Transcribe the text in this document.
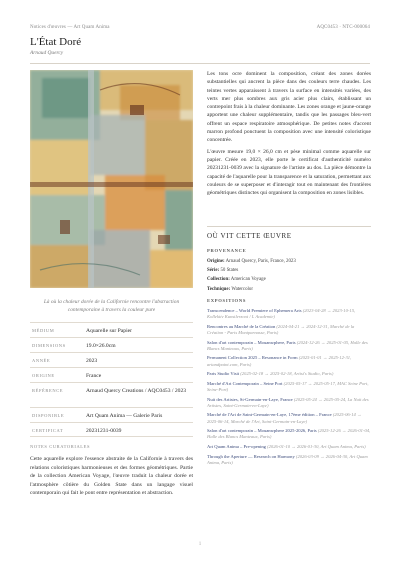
Notices d'œuvres — Art Quam Anima	AQC0453 · NTC-000064
L'État Doré
Arnaud Quercy
Là où la chaleur dorée de la Californie rencontre l'abstraction contemporaine à travers la couleur pure
MÉDIUM	Aquarelle sur Papier
DIMENSIONS	19.0×26.0cm
ANNÉE	2023
ORIGINE	France
RÉFÉRENCE	Arnaud Quercy Creations / AQC0453 / 2023
DISPONIBLE	Art Quam Anima — Galerie Paris
CERTIFICAT	20231231-0039
NOTES CURATORIALES
Cette aquarelle explore l'essence abstraite de la Californie à travers des relations coloristiques harmonieuses et des formes géométriques. Partie de la collection American Voyage, l'œuvre traduit la chaleur dorée et l'atmosphère côtière du Golden State dans un langage visuel contemporain qui fait le pont entre représentation et abstraction.

Les tons ocre dominent la composition, créant des zones dorées substantielles qui ancrent la pièce dans des couleurs terre chaudes. Les teintes vertes apparaissent à travers la surface en intensités variées, des verts mer plus sombres aux gris acier plus clairs, établissant un contrepoint frais à la chaleur dominante. Les zones orange et jaune-orange apportent une chaleur supplémentaire, tandis que les passages bleu-vert offrent un espace respiratoire atmosphérique. De petites notes d'accent marron profond ponctuent la composition avec une intensité coloristique concentrée.

L'œuvre mesure 19,0 × 26,0 cm et pèse minimal comme aquarelle sur papier. Créée en 2023, elle porte le certificat d'authenticité numéro 20231231-0039 avec la signature de l'artiste au dos. La pièce démontre la capacité de l'aquarelle pour la transparence et la saturation, permettant aux couleurs de se superposer et d'interagir tout en maintenant des frontières géométriques distinctes qui organisent la composition en zones lisibles.

OÙ VIT CETTE ŒUVRE
PROVENANCE
Origine: Arnaud Quercy, Paris, France, 2023
Série: 50 States
Collection: American Voyage
Technique: Watercolor
EXPOSITIONS
Transcendence – World Premiere of Ephemera Arts (2023-04-28 → 2023-10-15, Kollektiv Kunstlerzoot / L Academie)
Rencontres au Marché de la Création (2024-04-21 → 2024-12-31, Marché de la Création - Paris Montparnasse, Paris)
Salon d'art contemporain – Mouansrphere, Paris (2024-12-26 → 2025-01-05, Halle des Blancs Manteaux, Paris)
Permanent Collection 2025 – Resonance in Form (2025-01-01 → 2025-12-31, artandpaint.com, Paris)
Paris Studio Visit (2025-02-18 → 2025-02-18, Artist's Studio, Paris)
Marché d'Art Contemporain – Seine Port (2025-05-17 → 2025-05-17, MAC Seine Port, Seine-Port)
Nuit des Artistes, St-Germain-en-Laye, France (2025-05-24 → 2025-05-24, La Nuit des Artistes, Saint-Germain-en-Laye)
Marché de l'Art de Saint-Germain-en-Laye, 17ème édition – France (2025-06-14 → 2025-06-14, Marché de l'Art, Saint-Germain-en-Laye)
Salon d'art contemporain – Mouansrphere 2025-2026, Paris (2025-12-26 → 2026-01-04, Halle des Blancs Manteaux, Paris)
Art Quam Anima – Pre-opening (2026-01-10 → 2026-01-30, Art Quam Anima, Paris)
Through the Aperture — Research on Harmony (2026-03-09 → 2026-04-30, Art Quam Anima, Paris)
1
